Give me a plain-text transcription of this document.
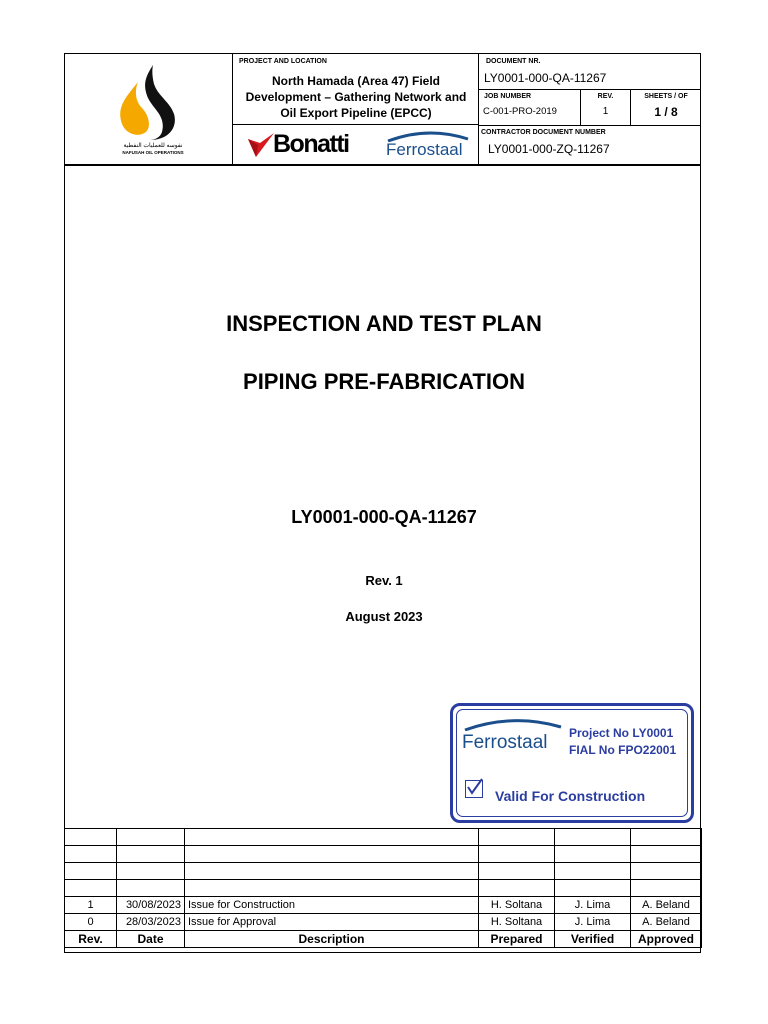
نفوسه للعمليات النفطية
NAFUSAH OIL OPERATIONS
PROJECT AND LOCATION
North Hamada (Area 47) Field
Development – Gathering Network and
Oil Export Pipeline (EPCC)
Bonatti Ferrostaal
DOCUMENT NR.
LY0001-000-QA-11267
JOB NUMBER
C-001-PRO-2019
REV.
1
SHEETS / OF
1 / 8
CONTRACTOR DOCUMENT NUMBER
LY0001-000-ZQ-11267
INSPECTION AND TEST PLAN
PIPING PRE-FABRICATION
LY0001-000-QA-11267
Rev. 1
August 2023
Ferrostaal Project No LY0001
FIAL No FPO22001
Valid For Construction

1	30/08/2023	Issue for Construction	H. Soltana	J. Lima	A. Beland
0	28/03/2023	Issue for Approval	H. Soltana	J. Lima	A. Beland
Rev.	Date	Description	Prepared	Verified	Approved
